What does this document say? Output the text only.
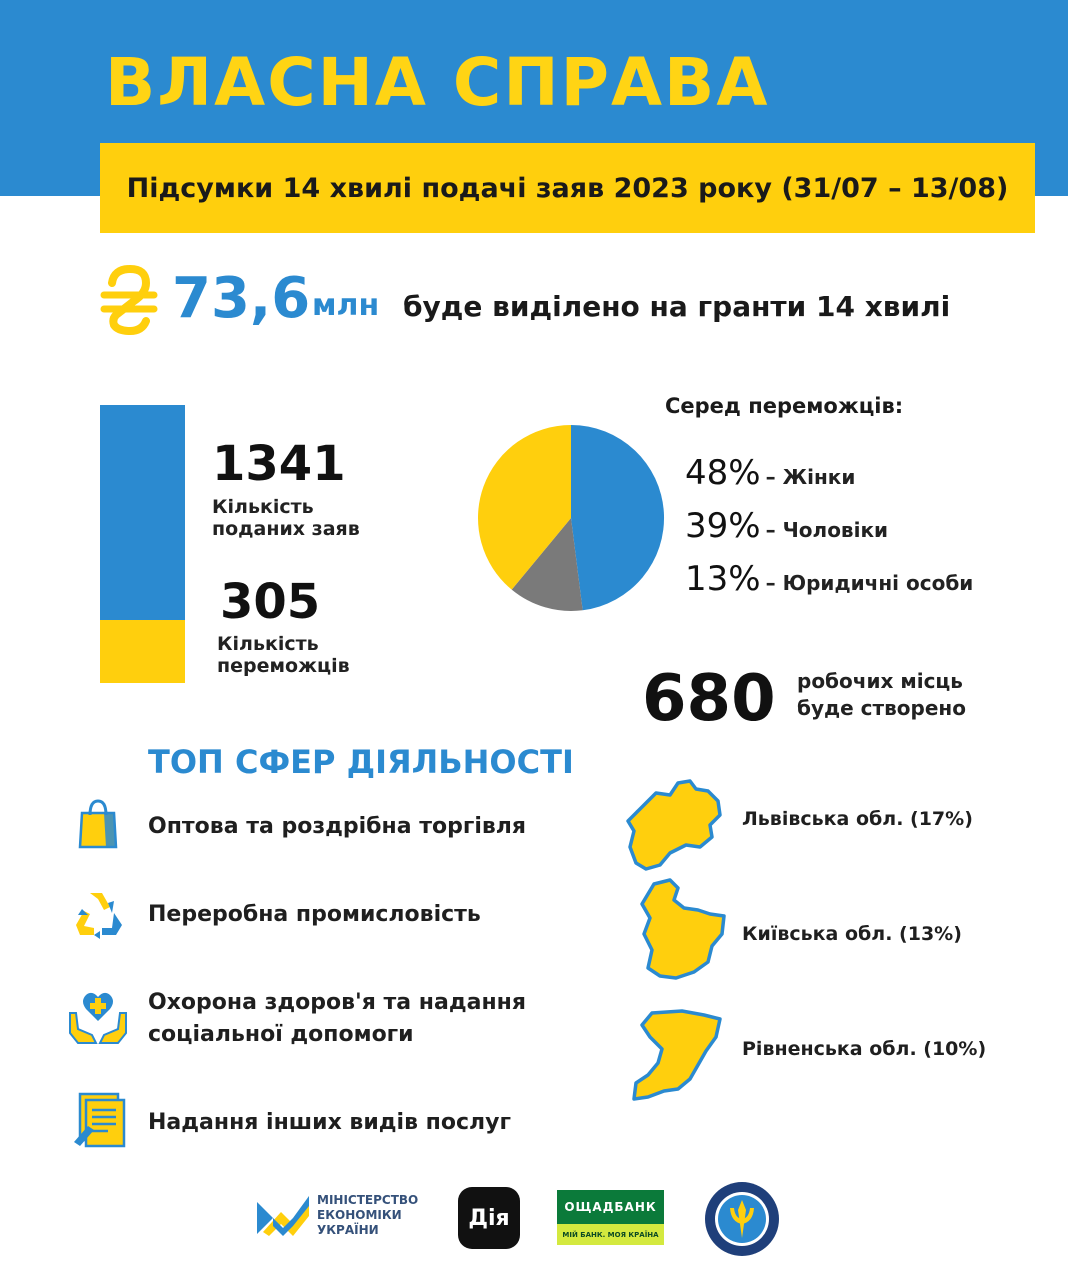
ВЛАСНА СПРАВА
Підсумки 14 хвилі подачі заяв 2023 року (31/07 – 13/08)
73,6 млн буде виділено на гранти 14 хвилі
1341
Кількість
поданих заяв
305
Кількість
переможців
Серед переможців:
48% – Жінки
39% – Чоловіки
13% – Юридичні особи
680 робочих місць
буде створено
ТОП СФЕР ДІЯЛЬНОСТІ
Оптова та роздрібна торгівля
Переробна промисловість
Охорона здоров'я та надання
соціальної допомоги
Надання інших видів послуг
Львівська обл. (17%)
Київська обл. (13%)
Рівненська обл. (10%)
МІНІСТЕРСТВО
ЕКОНОМІКИ
УКРАЇНИ	Дія	ОЩАДБАНК
МІЙ БАНК. МОЯ КРАЇНА
